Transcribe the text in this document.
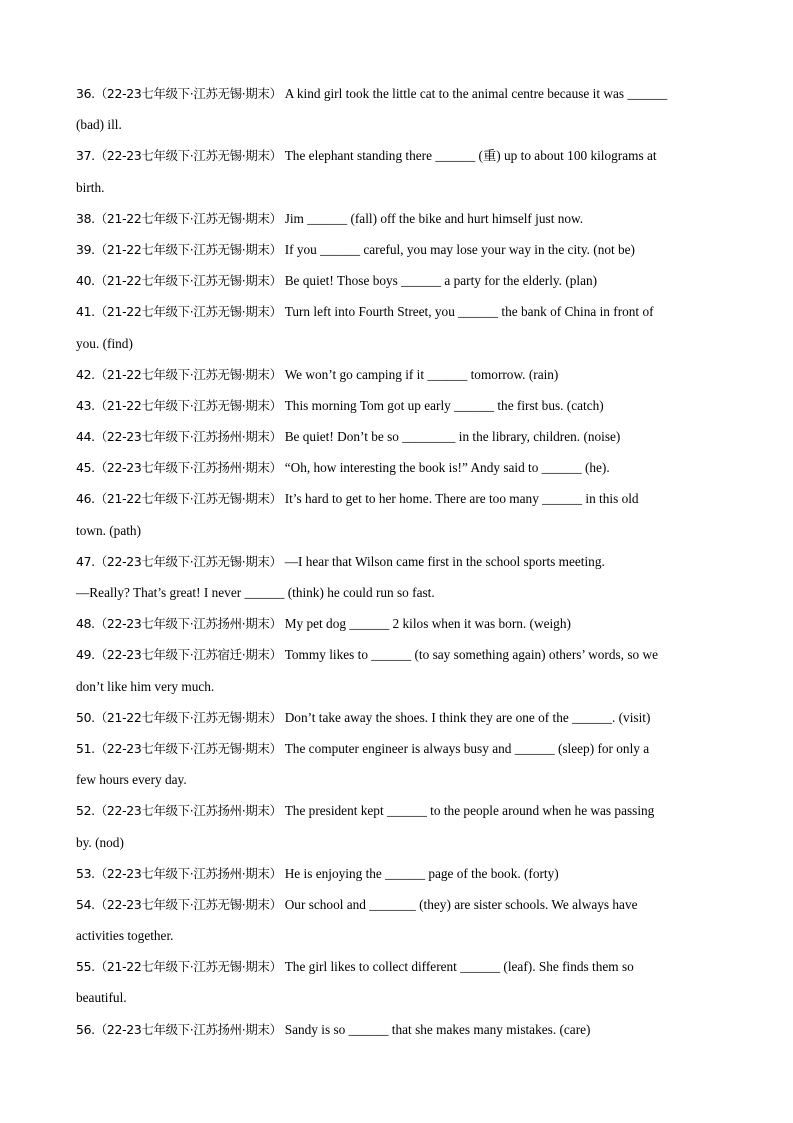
36.（22-23七年级下·江苏无锡·期末） A kind girl took the little cat to the animal centre because it was ______
(bad) ill.
37.（22-23七年级下·江苏无锡·期末） The elephant standing there ______ (重) up to about 100 kilograms at
birth.
38.（21-22七年级下·江苏无锡·期末） Jim ______ (fall) off the bike and hurt himself just now.
39.（21-22七年级下·江苏无锡·期末） If you ______ careful, you may lose your way in the city. (not be)
40.（21-22七年级下·江苏无锡·期末） Be quiet! Those boys ______ a party for the elderly. (plan)
41.（21-22七年级下·江苏无锡·期末） Turn left into Fourth Street, you ______ the bank of China in front of
you. (find)
42.（21-22七年级下·江苏无锡·期末） We won’t go camping if it ______ tomorrow. (rain)
43.（21-22七年级下·江苏无锡·期末） This morning Tom got up early ______ the first bus. (catch)
44.（22-23七年级下·江苏扬州·期末） Be quiet! Don’t be so ________ in the library, children. (noise)
45.（22-23七年级下·江苏扬州·期末） “Oh, how interesting the book is!” Andy said to ______ (he).
46.（21-22七年级下·江苏无锡·期末） It’s hard to get to her home. There are too many ______ in this old
town. (path)
47.（22-23七年级下·江苏无锡·期末） —I hear that Wilson came first in the school sports meeting.
—Really? That’s great! I never ______ (think) he could run so fast.
48.（22-23七年级下·江苏扬州·期末） My pet dog ______ 2 kilos when it was born. (weigh)
49.（22-23七年级下·江苏宿迁·期末） Tommy likes to ______ (to say something again) others’ words, so we
don’t like him very much.
50.（21-22七年级下·江苏无锡·期末） Don’t take away the shoes. I think they are one of the ______. (visit)
51.（22-23七年级下·江苏无锡·期末） The computer engineer is always busy and ______ (sleep) for only a
few hours every day.
52.（22-23七年级下·江苏扬州·期末） The president kept ______ to the people around when he was passing
by. (nod)
53.（22-23七年级下·江苏扬州·期末） He is enjoying the ______ page of the book. (forty)
54.（22-23七年级下·江苏无锡·期末） Our school and _______ (they) are sister schools. We always have
activities together.
55.（21-22七年级下·江苏无锡·期末） The girl likes to collect different ______ (leaf). She finds them so
beautiful.
56.（22-23七年级下·江苏扬州·期末） Sandy is so ______ that she makes many mistakes. (care)
